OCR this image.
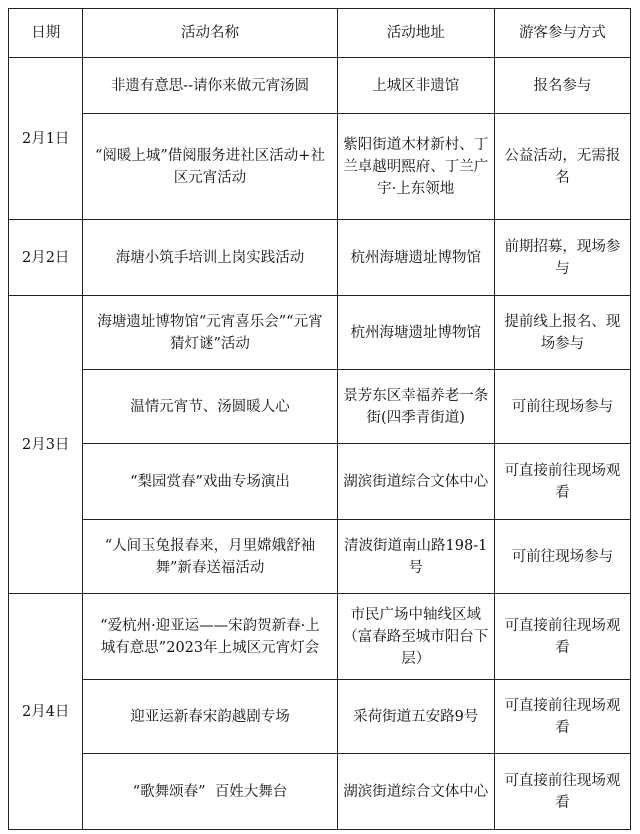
日期	活动名称	活动地址	游客参与方式
2月1日	非遗有意思--请你来做元宵汤圆	上城区非遗馆	报名参与
	“阅暖上城”借阅服务进社区活动+社区元宵活动	紫阳街道木材新村、丁兰卓越明熙府、丁兰广宇·上东领地	公益活动，无需报名
2月2日	海塘小筑手培训上岗实践活动	杭州海塘遗址博物馆	前期招募，现场参与
2月3日	海塘遗址博物馆“元宵喜乐会”“元宵猜灯谜”活动	杭州海塘遗址博物馆	提前线上报名、现场参与
	温情元宵节、汤圆暖人心	景芳东区幸福养老一条街(四季青街道)	可前往现场参与
	“梨园赏春”戏曲专场演出	湖滨街道综合文体中心	可直接前往现场观看
	“人间玉兔报春来，月里嫦娥舒袖舞”新春送福活动	清波街道南山路198-1号	可前往现场参与
2月4日	“爱杭州·迎亚运——宋韵贺新春·上城有意思”2023年上城区元宵灯会	市民广场中轴线区域（富春路至城市阳台下层）	可直接前往现场观看
	迎亚运新春宋韵越剧专场	采荷街道五安路9号	可直接前往现场观看
	“歌舞颂春”  百姓大舞台	湖滨街道综合文体中心	可直接前往现场观看
